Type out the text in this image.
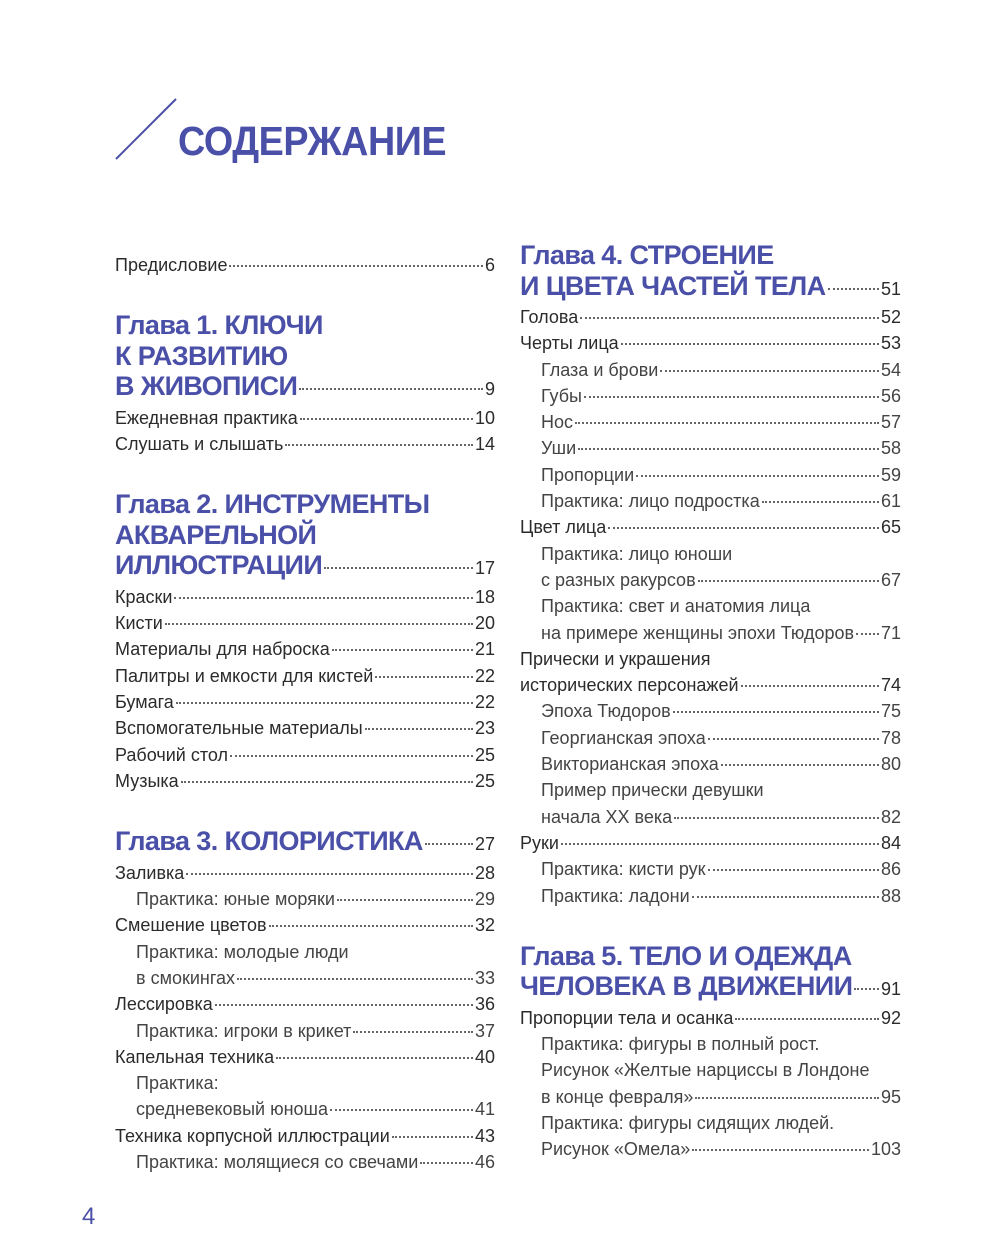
СОДЕРЖАНИЕ
Предисловие	6
Глава 1. КЛЮЧИ
К РАЗВИТИЮ
В ЖИВОПИСИ	9
Ежедневная практика	10
Слушать и слышать	14
Глава 2. ИНСТРУМЕНТЫ
АКВАРЕЛЬНОЙ
ИЛЛЮСТРАЦИИ	17
Краски	18
Кисти	20
Материалы для наброска	21
Палитры и емкости для кистей	22
Бумага	22
Вспомогательные материалы	23
Рабочий стол	25
Музыка	25
Глава 3. КОЛОРИСТИКА	27
Заливка	28
Практика: юные моряки	29
Смешение цветов	32
Практика: молодые люди
в смокингах	33
Лессировка	36
Практика: игроки в крикет	37
Капельная техника	40
Практика:
средневековый юноша	41
Техника корпусной иллюстрации	43
Практика: молящиеся со свечами	46
Глава 4. СТРОЕНИЕ
И ЦВЕТА ЧАСТЕЙ ТЕЛА	51
Голова	52
Черты лица	53
Глаза и брови	54
Губы	56
Нос	57
Уши	58
Пропорции	59
Практика: лицо подростка	61
Цвет лица	65
Практика: лицо юноши
с разных ракурсов	67
Практика: свет и анатомия лица
на примере женщины эпохи Тюдоров 71
Прически и украшения
исторических персонажей	74
Эпоха Тюдоров	75
Георгианская эпоха	78
Викторианская эпоха	80
Пример прически девушки
начала XX века	82
Руки	84
Практика: кисти рук	86
Практика: ладони	88
Глава 5. ТЕЛО И ОДЕЖДА
ЧЕЛОВЕКА В ДВИЖЕНИИ 91
Пропорции тела и осанка	92
Практика: фигуры в полный рост.
Рисунок «Желтые нарциссы в Лондоне
в конце февраля»	95
Практика: фигуры сидящих людей.
Рисунок «Омела»	103
4
